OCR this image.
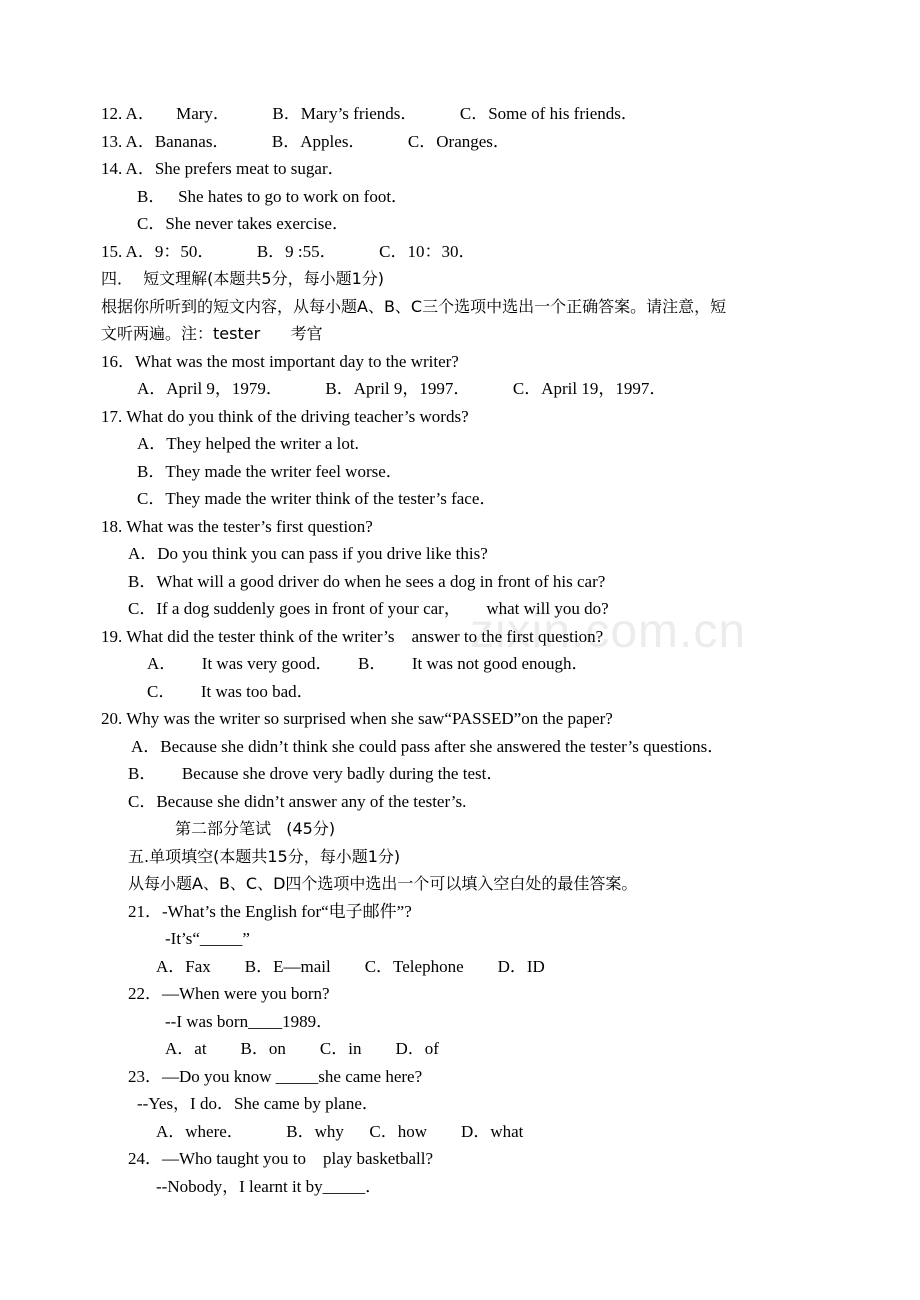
zixin.com.cn
12. A．     Mary．          B．Mary’s friends．          C．Some of his friends．
13. A．Bananas．          B．Apples．          C．Oranges．
14. A．She prefers meat to sugar．
B．   She hates to go to work on foot．
C．She never takes exercise．
15. A．9：50．          B．9 :55．          C．10：30．
四．  短文理解(本题共5分，每小题1分)
根据你所听到的短文内容，从每小题A、B、C三个选项中选出一个正确答案。请注意，短
文听两遍。注：tester      考官
16．What was the most important day to the writer?
A．April 9，1979．          B．April 9，1997．          C．April 19，1997．
17. What do you think of the driving teacher’s words?
A．They helped the writer a lot.
B．They made the writer feel worse．
C．They made the writer think of the tester’s face．
18. What was the tester’s first question?
A．Do you think you can pass if you drive like this?
B．What will a good driver do when he sees a dog in front of his car?
C．If a dog suddenly goes in front of your car，      what will you do?
19. What did the tester think of the writer’s    answer to the first question?
A．      It was very good．      B．      It was not good enough．
C．      It was too bad．
20. Why was the writer so surprised when she saw“PASSED”on the paper?
A．Because she didn’t think she could pass after she answered the tester’s questions．
B．      Because she drove very badly during the test．
C．Because she didn’t answer any of the tester’s.
第二部分笔试   (45分)
五.单项填空(本题共15分，每小题1分)
从每小题A、B、C、D四个选项中选出一个可以填入空白处的最佳答案。
21．-What’s the English for“电子邮件”?
-It’s“_____”
A．Fax        B．E—mail        C．Telephone        D．ID
22．—When were you born?
--I was born____1989．
A．at        B．on        C．in        D．of
23．—Do you know _____she came here?
--Yes，I do．She came by plane．
A．where．          B．why      C．how        D．what
24．—Who taught you to    play basketball?
--Nobody，I learnt it by_____．
